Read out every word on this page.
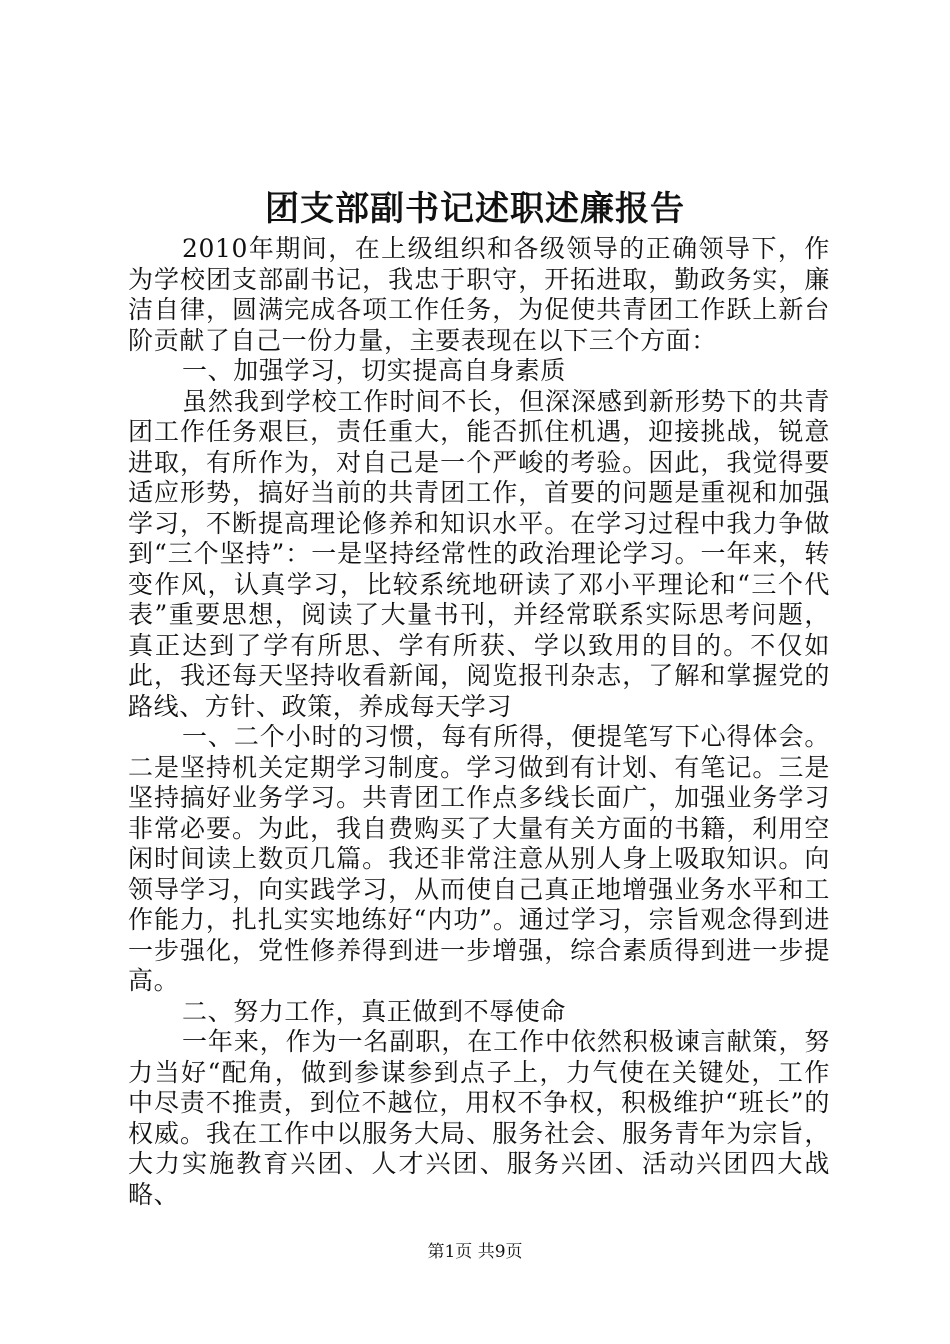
团支部副书记述职述廉报告

2010年期间，在上级组织和各级领导的正确领导下，作为学校团支部副书记，我忠于职守，开拓进取，勤政务实，廉洁自律，圆满完成各项工作任务，为促使共青团工作跃上新台阶贡献了自己一份力量，主要表现在以下三个方面：

一、加强学习，切实提高自身素质

虽然我到学校工作时间不长，但深深感到新形势下的共青团工作任务艰巨，责任重大，能否抓住机遇，迎接挑战，锐意进取，有所作为，对自己是一个严峻的考验。因此，我觉得要适应形势，搞好当前的共青团工作，首要的问题是重视和加强学习，不断提高理论修养和知识水平。在学习过程中我力争做到“三个坚持”：一是坚持经常性的政治理论学习。一年来，转变作风，认真学习，比较系统地研读了邓小平理论和“三个代表”重要思想，阅读了大量书刊，并经常联系实际思考问题，真正达到了学有所思、学有所获、学以致用的目的。不仅如此，我还每天坚持收看新闻，阅览报刊杂志，了解和掌握党的路线、方针、政策，养成每天学习

一、二个小时的习惯，每有所得，便提笔写下心得体会。二是坚持机关定期学习制度。学习做到有计划、有笔记。三是坚持搞好业务学习。共青团工作点多线长面广，加强业务学习非常必要。为此，我自费购买了大量有关方面的书籍，利用空闲时间读上数页几篇。我还非常注意从别人身上吸取知识。向领导学习，向实践学习，从而使自己真正地增强业务水平和工作能力，扎扎实实地练好“内功”。通过学习，宗旨观念得到进一步强化，党性修养得到进一步增强，综合素质得到进一步提高。

二、努力工作，真正做到不辱使命

一年来，作为一名副职，在工作中依然积极谏言献策，努力当好“配角，做到参谋参到点子上，力气使在关键处，工作中尽责不推责，到位不越位，用权不争权，积极维护“班长”的权威。我在工作中以服务大局、服务社会、服务青年为宗旨，大力实施教育兴团、人才兴团、服务兴团、活动兴团四大战略、

第1页 共9页
